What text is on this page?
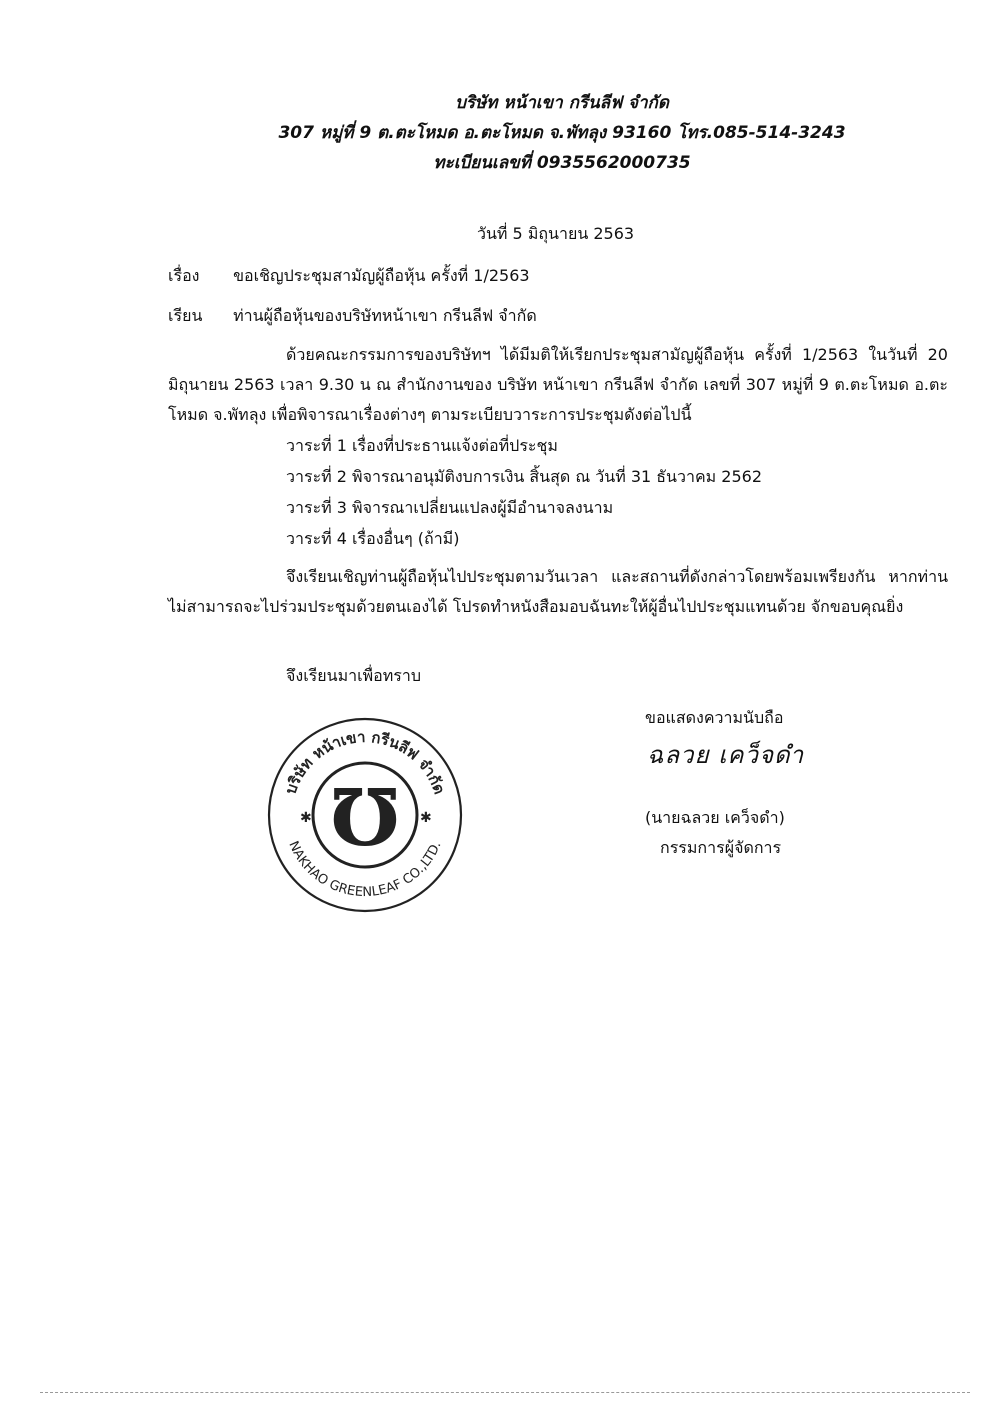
บริษัท หน้าเขา กรีนลีฟ จำกัด
307 หมู่ที่ 9 ต.ตะโหมด อ.ตะโหมด จ.พัทลุง 93160 โทร.085-514-3243
ทะเบียนเลขที่ 0935562000735
วันที่ 5 มิถุนายน 2563
เรื่อง ขอเชิญประชุมสามัญผู้ถือหุ้น ครั้งที่ 1/2563
เรียน ท่านผู้ถือหุ้นของบริษัทหน้าเขา กรีนลีฟ จำกัด
ด้วยคณะกรรมการของบริษัทฯ ได้มีมติให้เรียกประชุมสามัญผู้ถือหุ้น ครั้งที่ 1/2563 ในวันที่ 20 มิถุนายน 2563 เวลา 9.30 น ณ สำนักงานของ บริษัท หน้าเขา กรีนลีฟ จำกัด เลขที่ 307 หมู่ที่ 9 ต.ตะโหมด อ.ตะโหมด จ.พัทลุง เพื่อพิจารณาเรื่องต่างๆ ตามระเบียบวาระการประชุมดังต่อไปนี้
วาระที่ 1 เรื่องที่ประธานแจ้งต่อที่ประชุม
วาระที่ 2 พิจารณาอนุมัติงบการเงิน สิ้นสุด ณ วันที่ 31 ธันวาคม 2562
วาระที่ 3 พิจารณาเปลี่ยนแปลงผู้มีอำนาจลงนาม
วาระที่ 4 เรื่องอื่นๆ (ถ้ามี)
จึงเรียนเชิญท่านผู้ถือหุ้นไปประชุมตามวันเวลา และสถานที่ดังกล่าวโดยพร้อมเพรียงกัน หากท่านไม่สามารถจะไปร่วมประชุมด้วยตนเองได้ โปรดทำหนังสือมอบฉันทะให้ผู้อื่นไปประชุมแทนด้วย จักขอบคุณยิ่ง
จึงเรียนมาเพื่อทราบ
ขอแสดงความนับถือ
ฉลวย เคว็จดำ
(นายฉลวย เคว็จดำ)
กรรมการผู้จัดการ
บริษัท หน้าเขา กรีนลีฟ จำกัด
NAKHAO GREENLEAF CO.,LTD.
✱	✱
℧
